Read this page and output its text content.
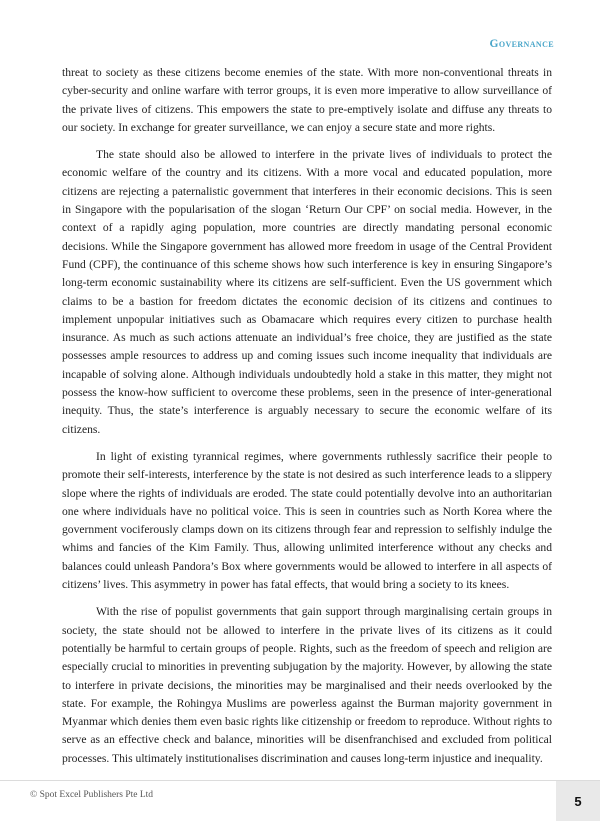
Governance

threat to society as these citizens become enemies of the state. With more non-conventional threats in cyber-security and online warfare with terror groups, it is even more imperative to allow surveillance of the private lives of citizens. This empowers the state to pre-emptively isolate and diffuse any threats to our society. In exchange for greater surveillance, we can enjoy a secure state and more rights.

The state should also be allowed to interfere in the private lives of individuals to protect the economic welfare of the country and its citizens. With a more vocal and educated population, more citizens are rejecting a paternalistic government that interferes in their economic decisions. This is seen in Singapore with the popularisation of the slogan ‘Return Our CPF’ on social media. However, in the context of a rapidly aging population, more countries are directly mandating personal economic decisions. While the Singapore government has allowed more freedom in usage of the Central Provident Fund (CPF), the continuance of this scheme shows how such interference is key in ensuring Singapore’s long-term economic sustainability where its citizens are self-sufficient. Even the US government which claims to be a bastion for freedom dictates the economic decision of its citizens and continues to implement unpopular initiatives such as Obamacare which requires every citizen to purchase health insurance. As much as such actions attenuate an individual’s free choice, they are justified as the state possesses ample resources to address up and coming issues such income inequality that individuals are incapable of solving alone. Although individuals undoubtedly hold a stake in this matter, they might not possess the know-how sufficient to overcome these problems, seen in the presence of inter-generational inequity. Thus, the state’s interference is arguably necessary to secure the economic welfare of its citizens.

In light of existing tyrannical regimes, where governments ruthlessly sacrifice their people to promote their self-interests, interference by the state is not desired as such interference leads to a slippery slope where the rights of individuals are eroded. The state could potentially devolve into an authoritarian one where individuals have no political voice. This is seen in countries such as North Korea where the government vociferously clamps down on its citizens through fear and repression to selfishly indulge the whims and fancies of the Kim Family. Thus, allowing unlimited interference without any checks and balances could unleash Pandora’s Box where governments would be allowed to interfere in all aspects of citizens’ lives. This asymmetry in power has fatal effects, that would bring a society to its knees.

With the rise of populist governments that gain support through marginalising certain groups in society, the state should not be allowed to interfere in the private lives of its citizens as it could potentially be harmful to certain groups of people. Rights, such as the freedom of speech and religion are especially crucial to minorities in preventing subjugation by the majority. However, by allowing the state to interfere in private decisions, the minorities may be marginalised and their needs overlooked by the state. For example, the Rohingya Muslims are powerless against the Burman majority government in Myanmar which denies them even basic rights like citizenship or freedom to reproduce. Without rights to serve as an effective check and balance, minorities will be disenfranchised and excluded from political processes. This ultimately institutionalises discrimination and causes long-term injustice and inequality.

© Spot Excel Publishers Pte Ltd	5
